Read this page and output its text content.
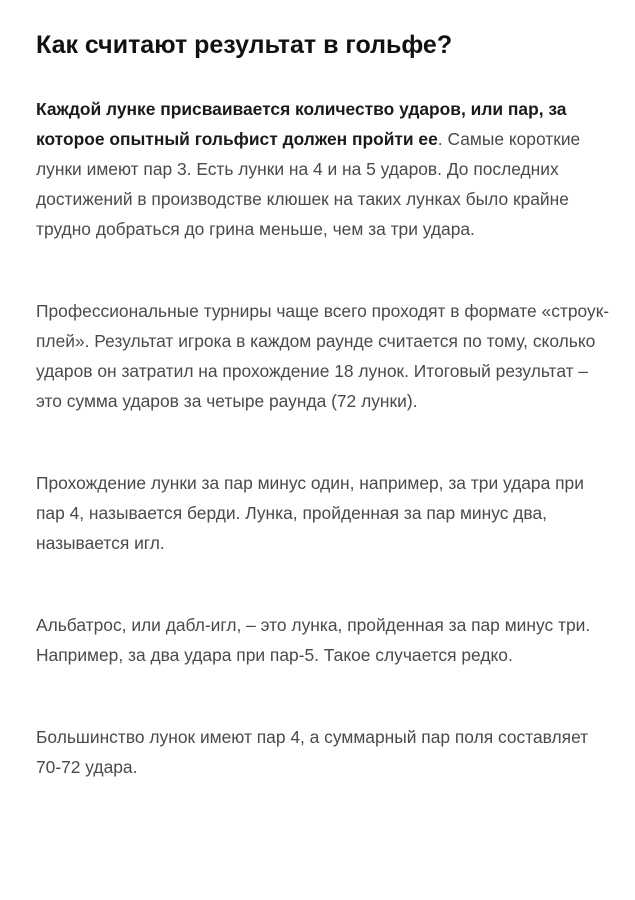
Как считают результат в гольфе?

Каждой лунке присваивается количество ударов, или пар, за которое опытный гольфист должен пройти ее. Самые короткие лунки имеют пар 3. Есть лунки на 4 и на 5 ударов. До последних достижений в производстве клюшек на таких лунках было крайне трудно добраться до грина меньше, чем за три удара.

Профессиональные турниры чаще всего проходят в формате «строук-плей». Результат игрока в каждом раунде считается по тому, сколько ударов он затратил на прохождение 18 лунок. Итоговый результат – это сумма ударов за четыре раунда (72 лунки).

Прохождение лунки за пар минус один, например, за три удара при пар 4, называется берди. Лунка, пройденная за пар минус два, называется игл.

Альбатрос, или дабл-игл, – это лунка, пройденная за пар минус три. Например, за два удара при пар-5. Такое случается редко.

Большинство лунок имеют пар 4, а суммарный пар поля составляет 70-72 удара.
